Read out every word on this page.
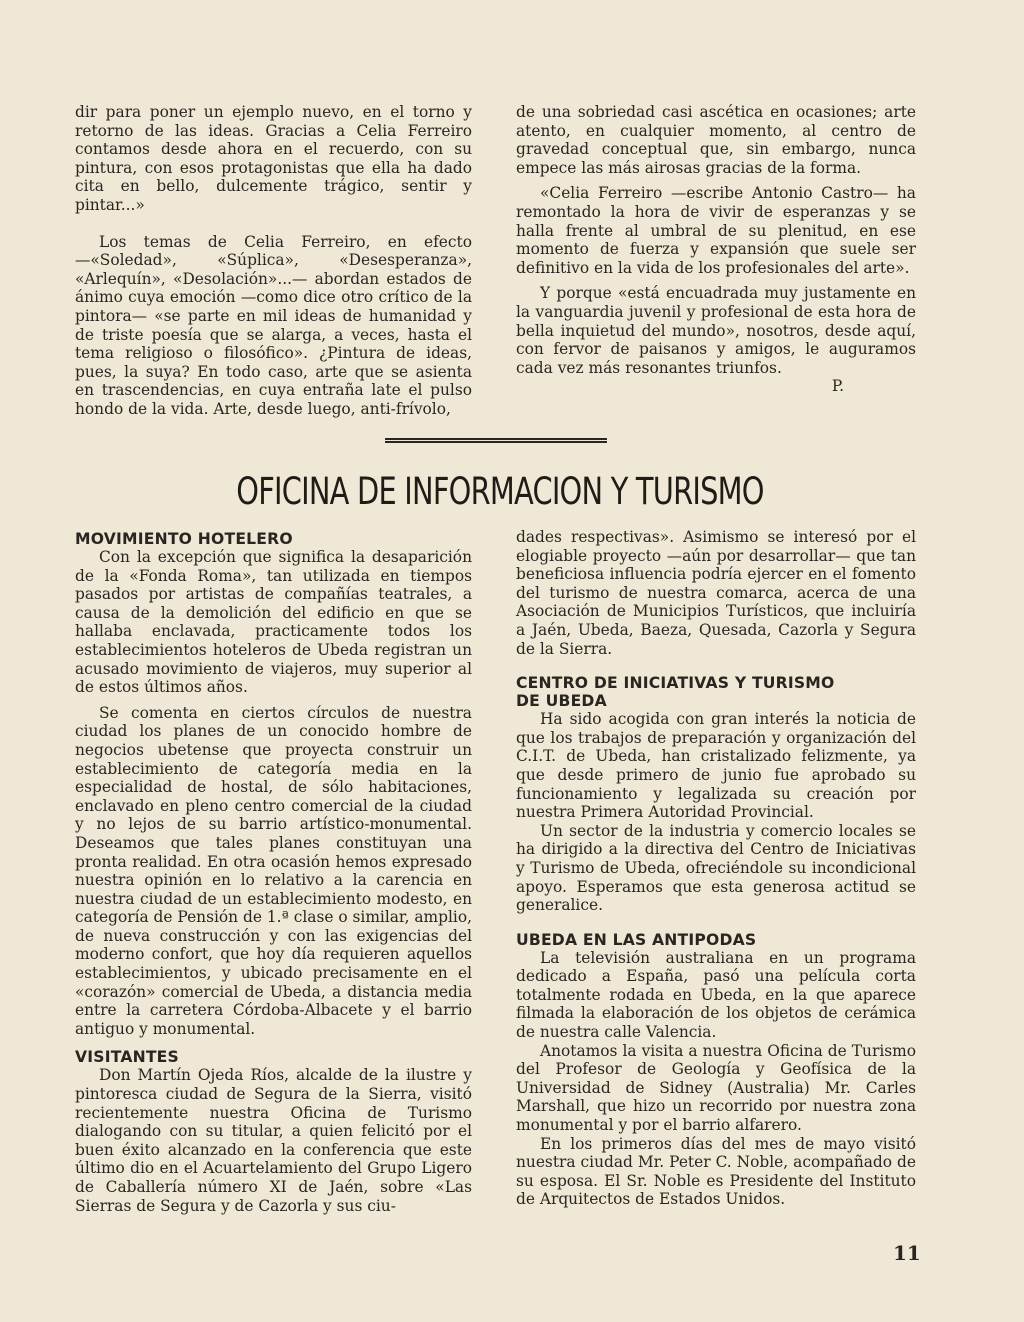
dir para poner un ejemplo nuevo, en el torno y retorno de las ideas. Gracias a Celia Ferreiro contamos desde ahora en el recuerdo, con su pintura, con esos protagonistas que ella ha dado cita en bello, dulcemente trágico, sentir y pintar...»

Los temas de Celia Ferreiro, en efecto —«Soledad», «Súplica», «Desesperanza», «Arlequín», «Desolación»...— abordan estados de ánimo cuya emoción —como dice otro crítico de la pintora— «se parte en mil ideas de humanidad y de triste poesía que se alarga, a veces, hasta el tema religioso o filosófico». ¿Pintura de ideas, pues, la suya? En todo caso, arte que se asienta en trascendencias, en cuya entraña late el pulso hondo de la vida. Arte, desde luego, anti-frívolo,

de una sobriedad casi ascética en ocasiones; arte atento, en cualquier momento, al centro de gravedad conceptual que, sin embargo, nunca empece las más airosas gracias de la forma.

«Celia Ferreiro —escribe Antonio Castro— ha remontado la hora de vivir de esperanzas y se halla frente al umbral de su plenitud, en ese momento de fuerza y expansión que suele ser definitivo en la vida de los profesionales del arte».

Y porque «está encuadrada muy justamente en la vanguardia juvenil y profesional de esta hora de bella inquietud del mundo», nosotros, desde aquí, con fervor de paisanos y amigos, le auguramos cada vez más resonantes triunfos.

P.

OFICINA DE INFORMACION Y TURISMO
MOVIMIENTO HOTELERO

Con la excepción que significa la desaparición de la «Fonda Roma», tan utilizada en tiempos pasados por artistas de compañías teatrales, a causa de la demolición del edificio en que se hallaba enclavada, practicamente todos los establecimientos hoteleros de Ubeda registran un acusado movimiento de viajeros, muy superior al de estos últimos años.

Se comenta en ciertos círculos de nuestra ciudad los planes de un conocido hombre de negocios ubetense que proyecta construir un establecimiento de categoría media en la especialidad de hostal, de sólo habitaciones, enclavado en pleno centro comercial de la ciudad y no lejos de su barrio artístico-monumental. Deseamos que tales planes constituyan una pronta realidad. En otra ocasión hemos expresado nuestra opinión en lo relativo a la carencia en nuestra ciudad de un establecimiento modesto, en categoría de Pensión de 1.ª clase o similar, amplio, de nueva construcción y con las exigencias del moderno confort, que hoy día requieren aquellos establecimientos, y ubicado precisamente en el «corazón» comercial de Ubeda, a distancia media entre la carretera Córdoba-Albacete y el barrio antiguo y monumental.

VISITANTES

Don Martín Ojeda Ríos, alcalde de la ilustre y pintoresca ciudad de Segura de la Sierra, visitó recientemente nuestra Oficina de Turismo dialogando con su titular, a quien felicitó por el buen éxito alcanzado en la conferencia que este último dio en el Acuartelamiento del Grupo Ligero de Caballería número XI de Jaén, sobre «Las Sierras de Segura y de Cazorla y sus ciu-

dades respectivas». Asimismo se interesó por el elogiable proyecto —aún por desarrollar— que tan beneficiosa influencia podría ejercer en el fomento del turismo de nuestra comarca, acerca de una Asociación de Municipios Turísticos, que incluiría a Jaén, Ubeda, Baeza, Quesada, Cazorla y Segura de la Sierra.

CENTRO DE INICIATIVAS Y TURISMO DE UBEDA

Ha sido acogida con gran interés la noticia de que los trabajos de preparación y organización del C.I.T. de Ubeda, han cristalizado felizmente, ya que desde primero de junio fue aprobado su funcionamiento y legalizada su creación por nuestra Primera Autoridad Provincial.

Un sector de la industria y comercio locales se ha dirigido a la directiva del Centro de Iniciativas y Turismo de Ubeda, ofreciéndole su incondicional apoyo. Esperamos que esta generosa actitud se generalice.

UBEDA EN LAS ANTIPODAS

La televisión australiana en un programa dedicado a España, pasó una película corta totalmente rodada en Ubeda, en la que aparece filmada la elaboración de los objetos de cerámica de nuestra calle Valencia.

Anotamos la visita a nuestra Oficina de Turismo del Profesor de Geología y Geofísica de la Universidad de Sidney (Australia) Mr. Carles Marshall, que hizo un recorrido por nuestra zona monumental y por el barrio alfarero.

En los primeros días del mes de mayo visitó nuestra ciudad Mr. Peter C. Noble, acompañado de su esposa. El Sr. Noble es Presidente del Instituto de Arquitectos de Estados Unidos.

11
